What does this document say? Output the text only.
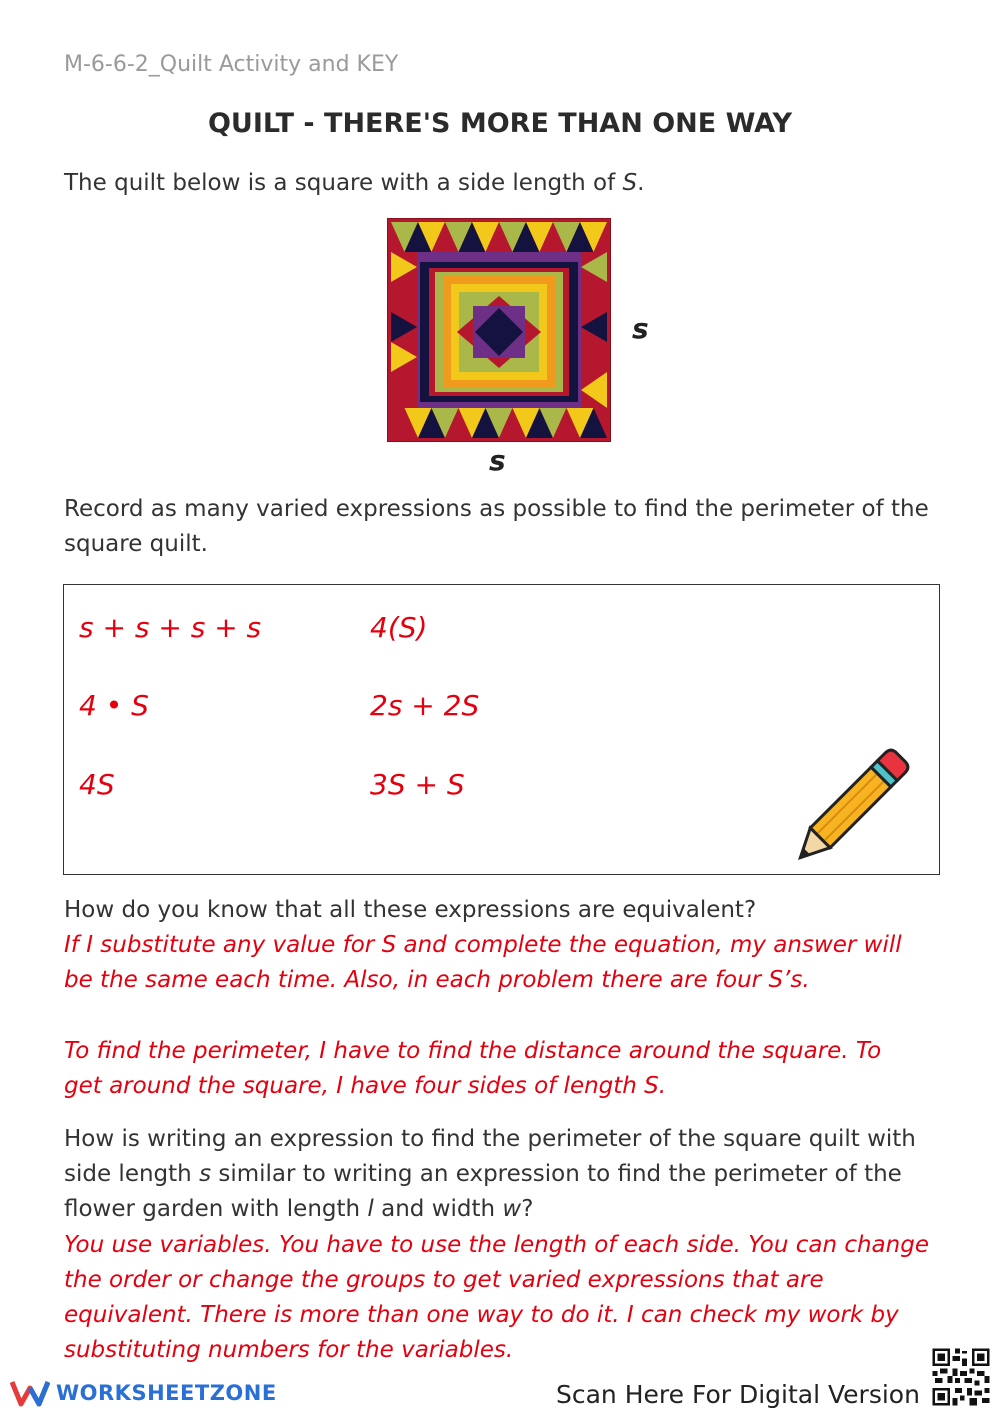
M-6-6-2_Quilt Activity and KEY
QUILT - THERE'S MORE THAN ONE WAY
The quilt below is a square with a side length of S.
s
s
Record as many varied expressions as possible to find the perimeter of the square quilt.
s + s + s + s
4 • S
4S
4(S)
2s + 2S
3S + S
How do you know that all these expressions are equivalent?
If I substitute any value for S and complete the equation, my answer will be the same each time. Also, in each problem there are four S’s.
To find the perimeter, I have to find the distance around the square. To get around the square, I have four sides of length S.
How is writing an expression to find the perimeter of the square quilt with side length s similar to writing an expression to find the perimeter of the flower garden with length l and width w?
You use variables. You have to use the length of each side. You can change the order or change the groups to get varied expressions that are equivalent. There is more than one way to do it. I can check my work by substituting numbers for the variables.
WORKSHEETZONE	Scan Here For Digital Version
